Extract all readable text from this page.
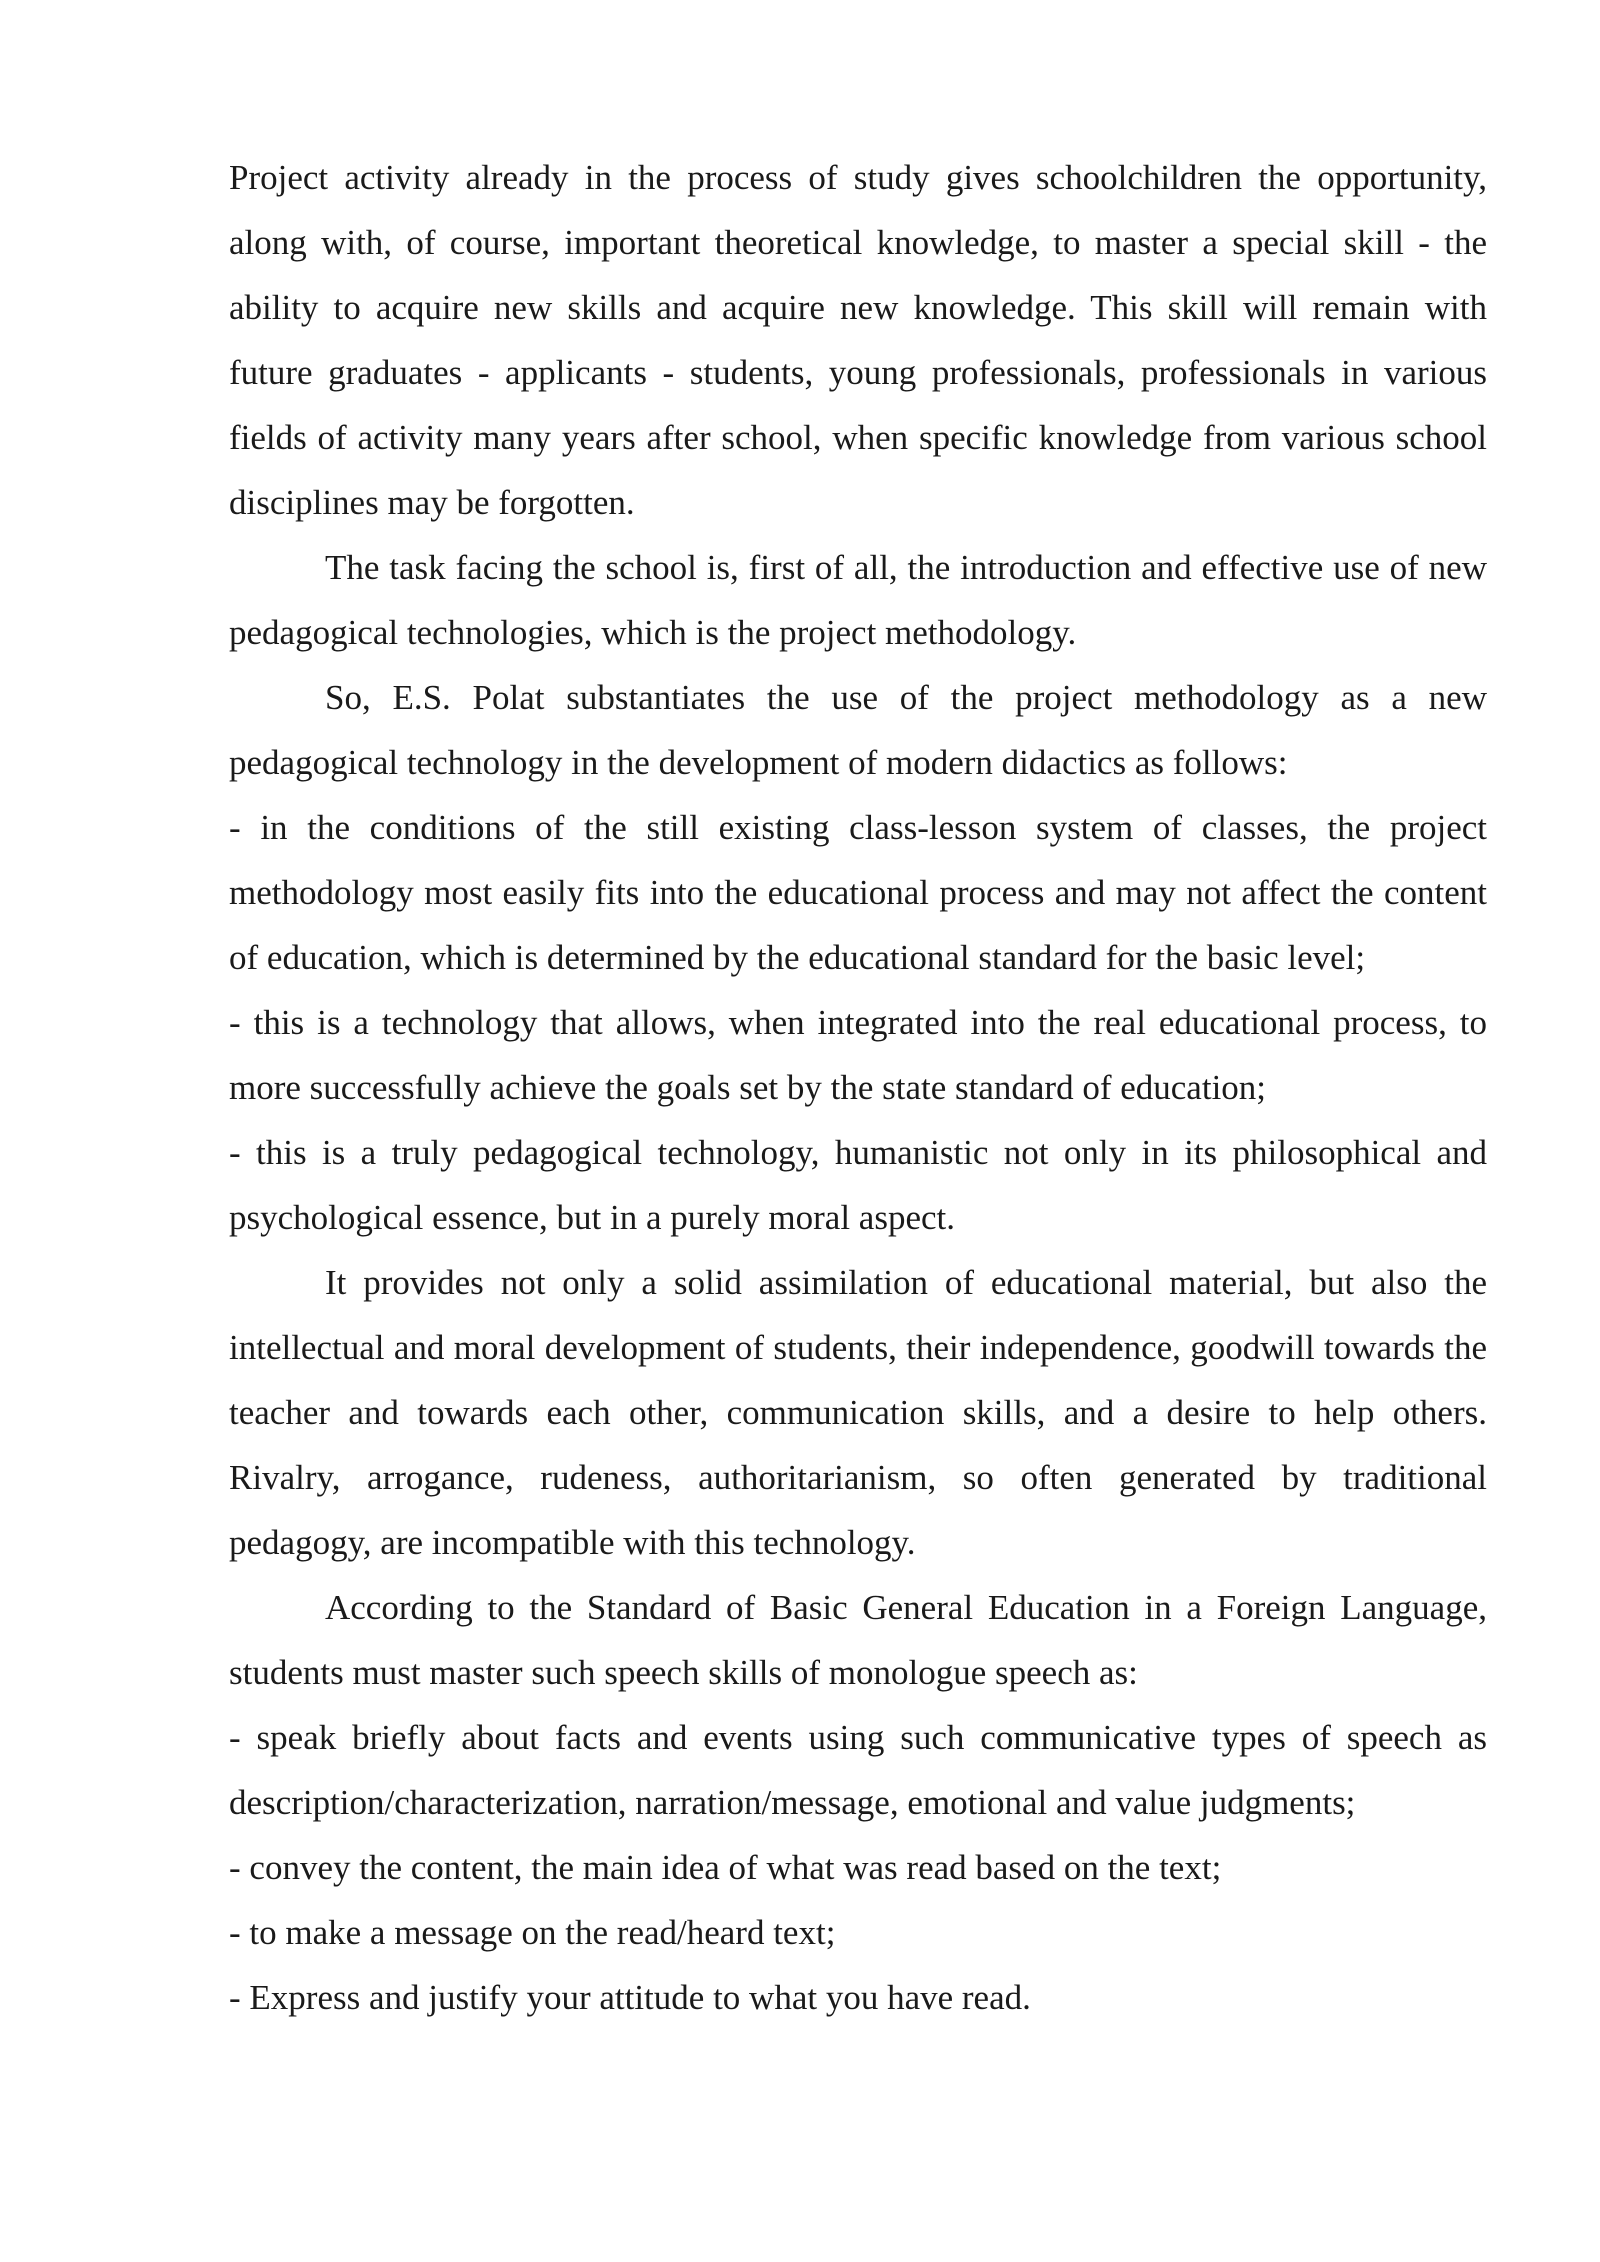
Project activity already in the process of study gives schoolchildren the opportunity, along with, of course, important theoretical knowledge, to master a special skill - the ability to acquire new skills and acquire new knowledge. This skill will remain with future graduates - applicants - students, young professionals, professionals in various fields of activity many years after school, when specific knowledge from various school disciplines may be forgotten.

The task facing the school is, first of all, the introduction and effective use of new pedagogical technologies, which is the project methodology.

So, E.S. Polat substantiates the use of the project methodology as a new pedagogical technology in the development of modern didactics as follows:

- in the conditions of the still existing class-lesson system of classes, the project methodology most easily fits into the educational process and may not affect the content of education, which is determined by the educational standard for the basic level;

- this is a technology that allows, when integrated into the real educational process, to more successfully achieve the goals set by the state standard of education;

- this is a truly pedagogical technology, humanistic not only in its philosophical and psychological essence, but in a purely moral aspect.

It provides not only a solid assimilation of educational material, but also the intellectual and moral development of students, their independence, goodwill towards the teacher and towards each other, communication skills, and a desire to help others. Rivalry, arrogance, rudeness, authoritarianism, so often generated by traditional pedagogy, are incompatible with this technology.

According to the Standard of Basic General Education in a Foreign Language, students must master such speech skills of monologue speech as:

- speak briefly about facts and events using such communicative types of speech as description/characterization, narration/message, emotional and value judgments;

- convey the content, the main idea of what was read based on the text;

- to make a message on the read/heard text;

- Express and justify your attitude to what you have read.
